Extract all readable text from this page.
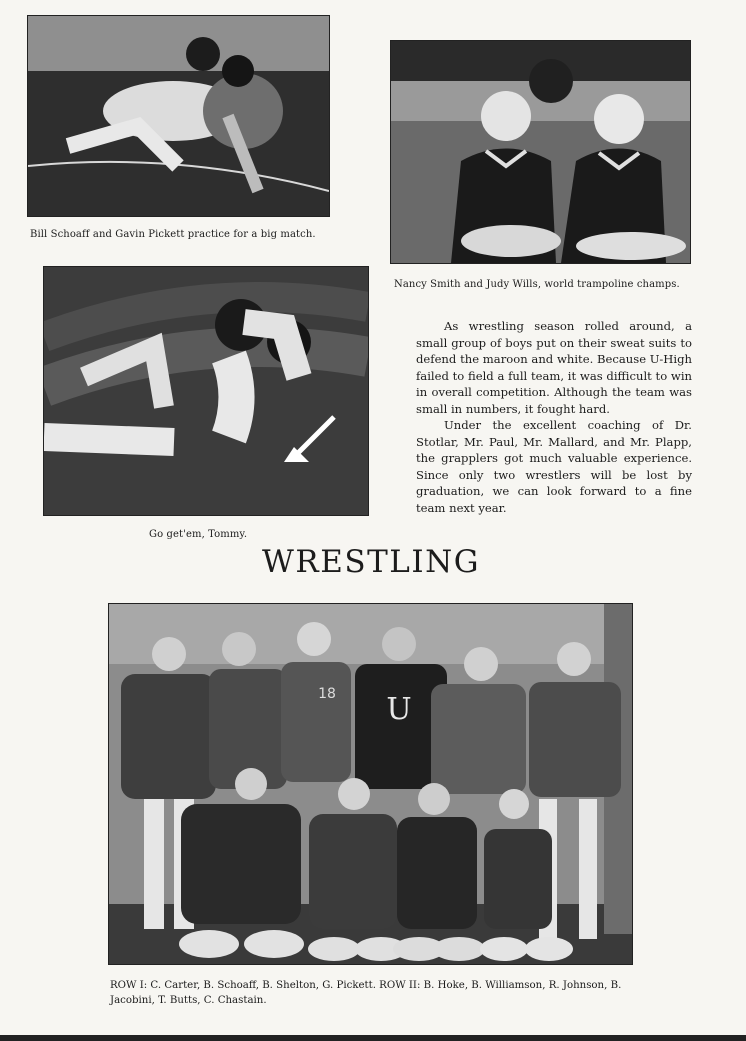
Bill Schoaff and Gavin Pickett practice for a big match.
Nancy Smith and Judy Wills, world trampoline champs.
Go get'em, Tommy.

As wrestling season rolled around, a small group of boys put on their sweat suits to defend the maroon and white. Because U-High failed to field a full team, it was difficult to win in overall competition. Although the team was small in numbers, it fought hard.

Under the excellent coaching of Dr. Stotlar, Mr. Paul, Mr. Mallard, and Mr. Plapp, the grapplers got much valuable experience. Since only two wrestlers will be lost by graduation, we can look forward to a fine team next year.

WRESTLING
U
18
ROW I: C. Carter, B. Schoaff, B. Shelton, G. Pickett. ROW II: B. Hoke, B. Williamson, R. Johnson, B. Jacobini, T. Butts, C. Chastain.
